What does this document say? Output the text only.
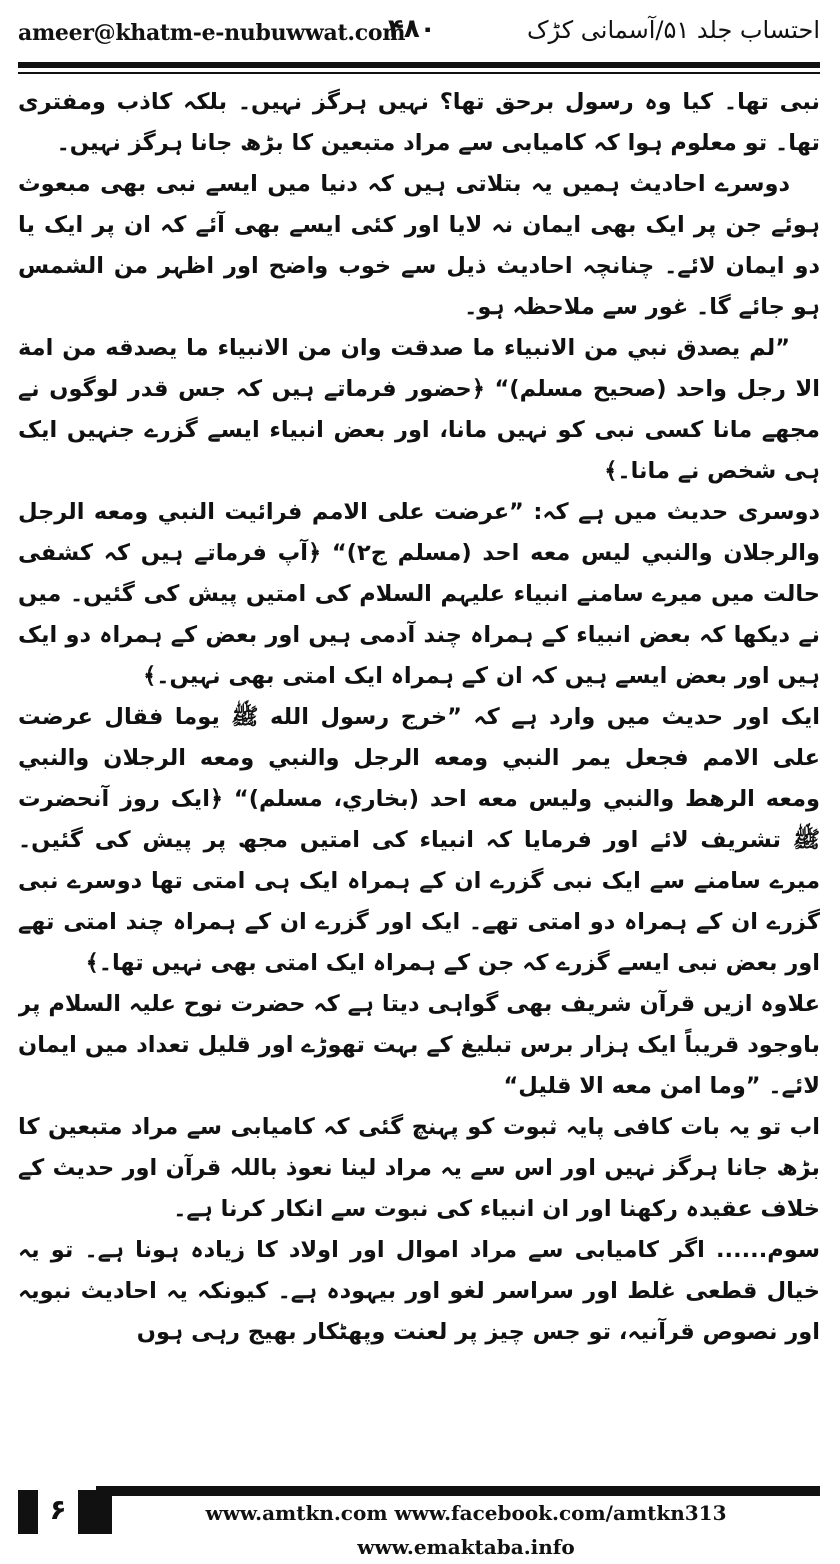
ameer@khatm-e-nubuwwat.com
۴۸۰	احتساب جلد ۵۱/آسمانی کڑک

نبی تھا۔ کیا وہ رسول برحق تھا؟ نہیں ہرگز نہیں۔ بلکہ کاذب ومفتری تھا۔ تو معلوم ہوا کہ کامیابی سے مراد متبعین کا بڑھ جانا ہرگز نہیں۔

دوسرے احادیث ہمیں یہ بتلاتی ہیں کہ دنیا میں ایسے نبی بھی مبعوث ہوئے جن پر ایک بھی ایمان نہ لایا اور کئی ایسے بھی آئے کہ ان پر ایک یا دو ایمان لائے۔ چنانچہ احادیث ذیل سے خوب واضح اور اظہر من الشمس ہو جائے گا۔ غور سے ملاحظہ ہو۔

”لم يصدق نبي من الانبياء ما صدقت وان من الانبياء ما يصدقه من امة الا رجل واحد (صحيح مسلم)“ ﴿حضور فرماتے ہیں کہ جس قدر لوگوں نے مجھے مانا کسی نبی کو نہیں مانا، اور بعض انبیاء ایسے گزرے جنہیں ایک ہی شخص نے مانا۔﴾

دوسری حدیث میں ہے کہ: ”عرضت على الامم فرائيت النبي ومعه الرجل والرجلان والنبي ليس معه احد (مسلم ج۲)“ ﴿آپ فرماتے ہیں کہ کشفی حالت میں میرے سامنے انبیاء علیہم السلام کی امتیں پیش کی گئیں۔ میں نے دیکھا کہ بعض انبیاء کے ہمراہ چند آدمی ہیں اور بعض کے ہمراہ دو ایک ہیں اور بعض ایسے ہیں کہ ان کے ہمراہ ایک امتی بھی نہیں۔﴾

ایک اور حدیث میں وارد ہے کہ ”خرج رسول الله ﷺ يوما فقال عرضت على الامم فجعل يمر النبي ومعه الرجل والنبي ومعه الرجلان والنبي ومعه الرهط والنبي وليس معه احد (بخاري، مسلم)“ ﴿ایک روز آنحضرت ﷺ تشریف لائے اور فرمایا کہ انبیاء کی امتیں مجھ پر پیش کی گئیں۔ میرے سامنے سے ایک نبی گزرے ان کے ہمراہ ایک ہی امتی تھا دوسرے نبی گزرے ان کے ہمراہ دو امتی تھے۔ ایک اور گزرے ان کے ہمراہ چند امتی تھے اور بعض نبی ایسے گزرے کہ جن کے ہمراہ ایک امتی بھی نہیں تھا۔﴾

علاوہ ازیں قرآن شریف بھی گواہی دیتا ہے کہ حضرت نوح علیہ السلام پر باوجود قریباً ایک ہزار برس تبلیغ کے بہت تھوڑے اور قلیل تعداد میں ایمان لائے۔ ”وما امن معه الا قليل“

اب تو یہ بات کافی پایہ ثبوت کو پہنچ گئی کہ کامیابی سے مراد متبعین کا بڑھ جانا ہرگز نہیں اور اس سے یہ مراد لینا نعوذ باللہ قرآن اور حدیث کے خلاف عقیدہ رکھنا اور ان انبیاء کی نبوت سے انکار کرنا ہے۔

سوم...... اگر کامیابی سے مراد اموال اور اولاد کا زیادہ ہونا ہے۔ تو یہ خیال قطعی غلط اور سراسر لغو اور بیہودہ ہے۔ کیونکہ یہ احادیث نبویہ اور نصوص قرآنیہ، تو جس چیز پر لعنت وپھٹکار بھیج رہی ہوں

۶	www.amtkn.com www.facebook.com/amtkn313 www.emaktaba.info
